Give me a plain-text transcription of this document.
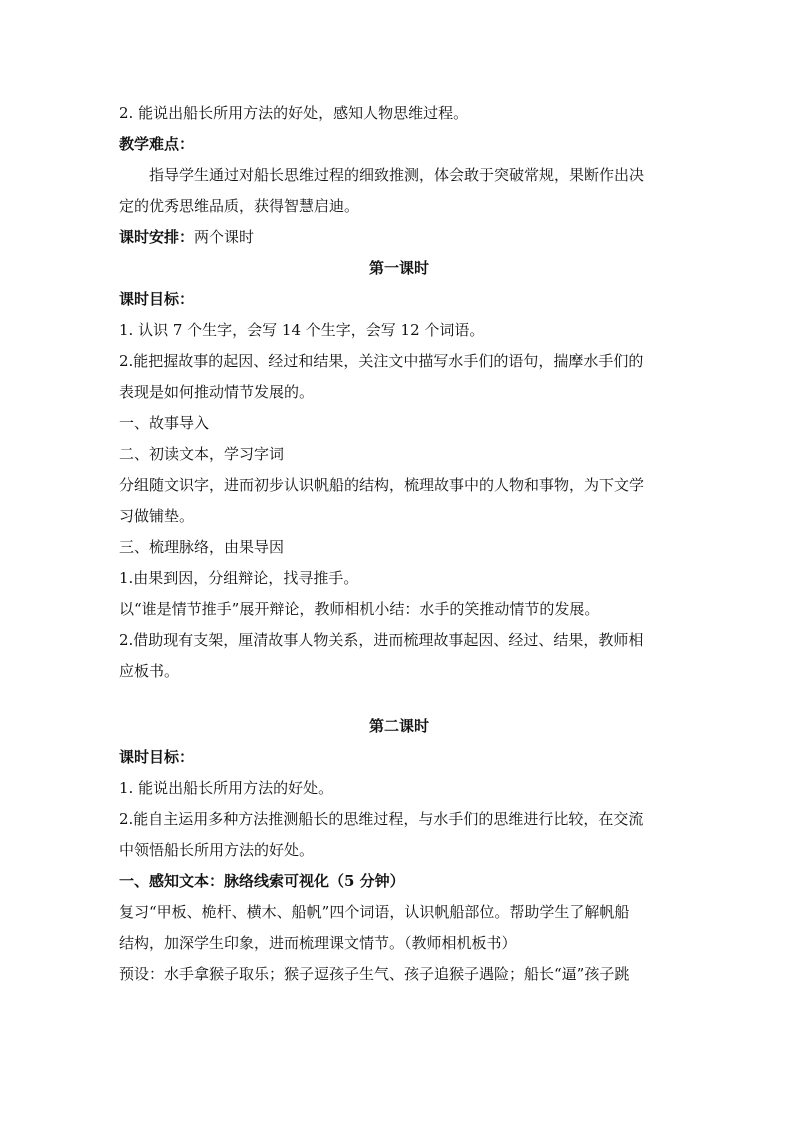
2. 能说出船长所用方法的好处，感知人物思维过程。

教学难点：

指导学生通过对船长思维过程的细致推测，体会敢于突破常规，果断作出决

定的优秀思维品质，获得智慧启迪。

课时安排：两个课时

第一课时

课时目标：

1. 认识 7 个生字，会写 14 个生字，会写 12 个词语。

2.能把握故事的起因、经过和结果，关注文中描写水手们的语句，揣摩水手们的

表现是如何推动情节发展的。

一、故事导入

二、初读文本，学习字词

分组随文识字，进而初步认识帆船的结构，梳理故事中的人物和事物，为下文学

习做铺垫。

三、梳理脉络，由果导因

1.由果到因，分组辩论，找寻推手。

以“谁是情节推手”展开辩论，教师相机小结：水手的笑推动情节的发展。

2.借助现有支架，厘清故事人物关系，进而梳理故事起因、经过、结果，教师相

应板书。

第二课时

课时目标：

1. 能说出船长所用方法的好处。

2.能自主运用多种方法推测船长的思维过程，与水手们的思维进行比较，在交流

中领悟船长所用方法的好处。

一、感知文本：脉络线索可视化（5 分钟）

复习“甲板、桅杆、横木、船帆”四个词语，认识帆船部位。帮助学生了解帆船

结构，加深学生印象，进而梳理课文情节。（教师相机板书）

预设：水手拿猴子取乐；猴子逗孩子生气、孩子追猴子遇险；船长“逼”孩子跳
